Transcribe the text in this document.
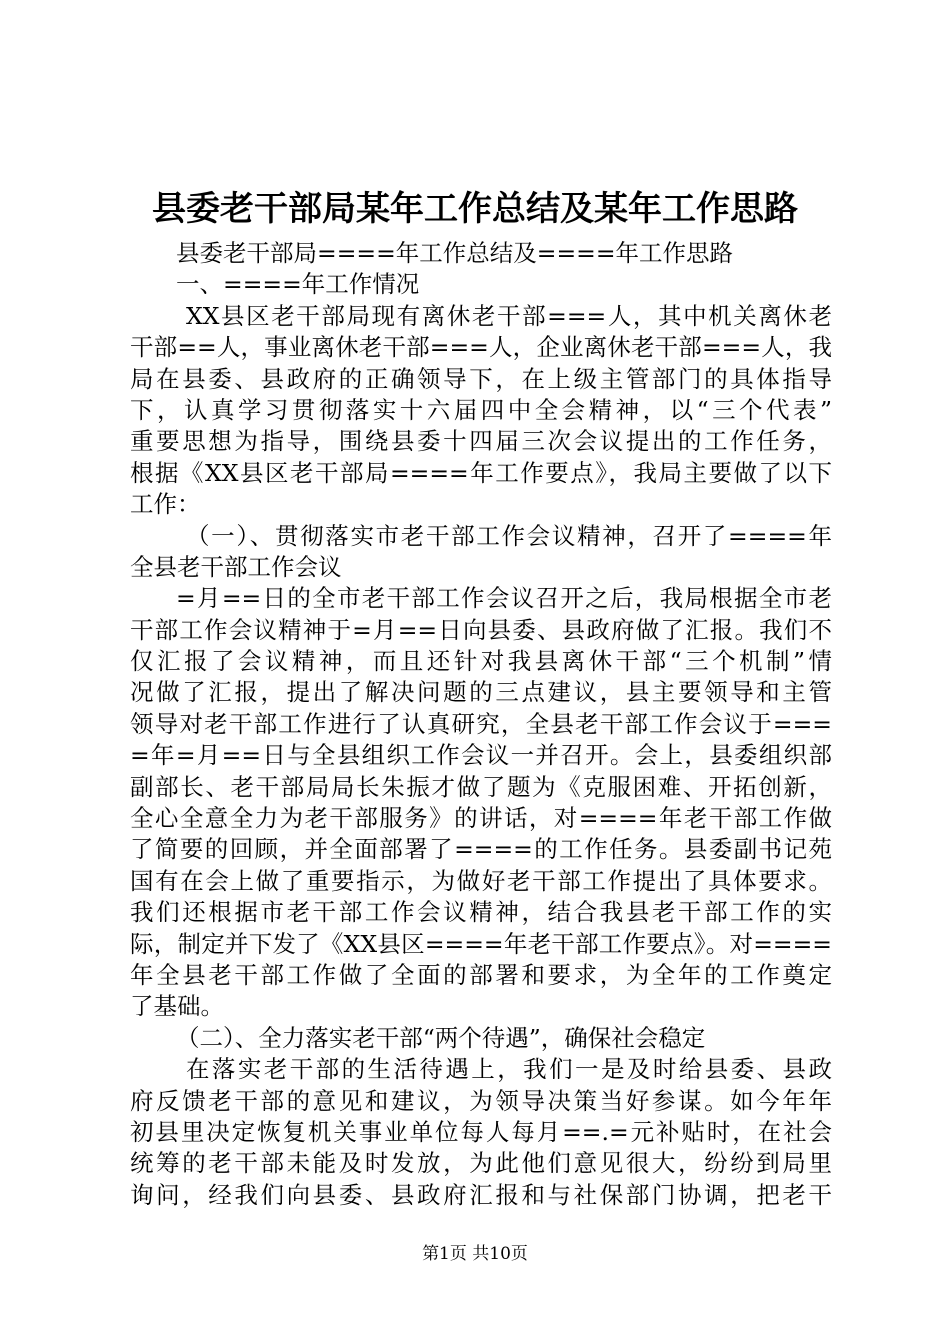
县委老干部局某年工作总结及某年工作思路
县委老干部局====年工作总结及====年工作思路
一、====年工作情况
XX县区老干部局现有离休老干部===人，其中机关离休老
干部==人，事业离休老干部===人，企业离休老干部===人，我
局在县委、县政府的正确领导下，在上级主管部门的具体指导
下，认真学习贯彻落实十六届四中全会精神，以“三个代表”
重要思想为指导，围绕县委十四届三次会议提出的工作任务，
根据《XX县区老干部局====年工作要点》，我局主要做了以下
工作：
（一）、贯彻落实市老干部工作会议精神，召开了====年
全县老干部工作会议
=月==日的全市老干部工作会议召开之后，我局根据全市老
干部工作会议精神于=月==日向县委、县政府做了汇报。我们不
仅汇报了会议精神，而且还针对我县离休干部“三个机制”情
况做了汇报，提出了解决问题的三点建议，县主要领导和主管
领导对老干部工作进行了认真研究，全县老干部工作会议于===
=年=月==日与全县组织工作会议一并召开。会上，县委组织部
副部长、老干部局局长朱振才做了题为《克服困难、开拓创新，
全心全意全力为老干部服务》的讲话，对====年老干部工作做
了简要的回顾，并全面部署了====的工作任务。县委副书记苑
国有在会上做了重要指示，为做好老干部工作提出了具体要求。
我们还根据市老干部工作会议精神，结合我县老干部工作的实
际，制定并下发了《XX县区====年老干部工作要点》。对====
年全县老干部工作做了全面的部署和要求，为全年的工作奠定
了基础。
（二）、全力落实老干部“两个待遇”，确保社会稳定
在落实老干部的生活待遇上，我们一是及时给县委、县政
府反馈老干部的意见和建议，为领导决策当好参谋。如今年年
初县里决定恢复机关事业单位每人每月==.=元补贴时，在社会
统筹的老干部未能及时发放，为此他们意见很大，纷纷到局里
询问，经我们向县委、县政府汇报和与社保部门协调，把老干
第1页 共10页
